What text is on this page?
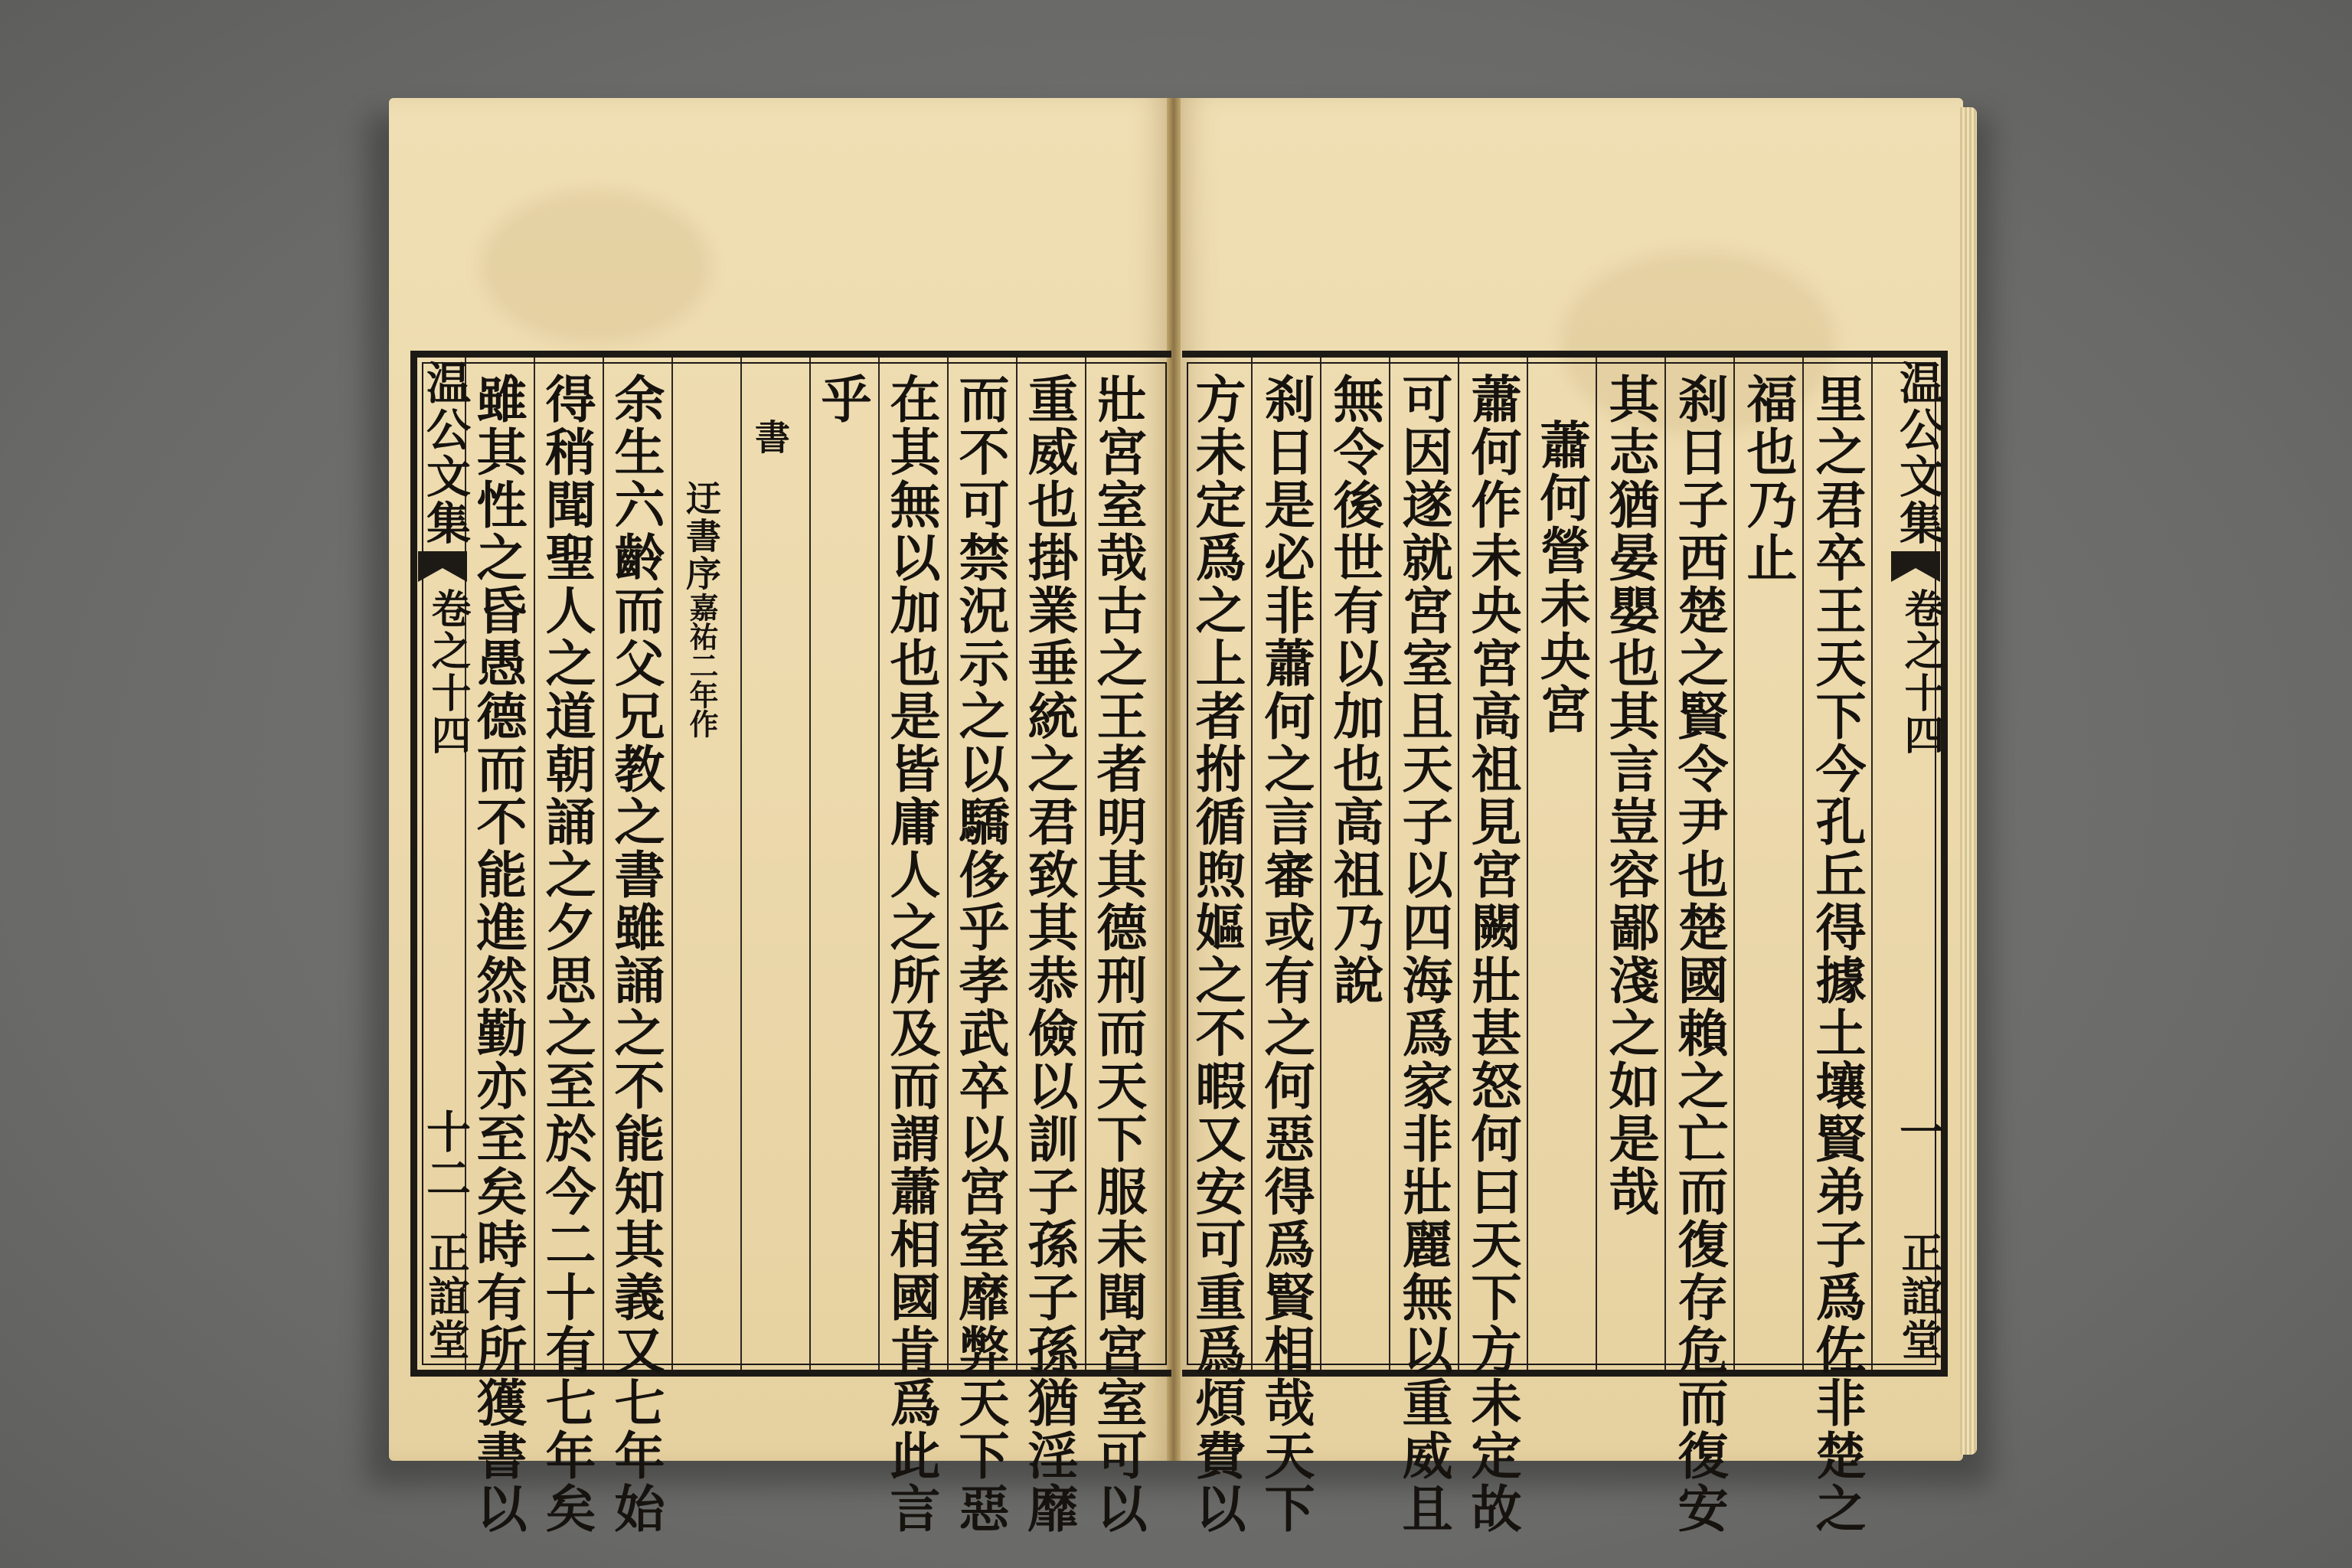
雖其性之昏愚德而不能進然勤亦至矣時有所獲書以 得稍聞聖人之道朝誦之夕思之至於今二十有七年矣 余生六齡而父兄教之書雖誦之不能知其義又七年始 迂書序嘉祐二年作
書
乎 在其無以加也是皆庸人之所及而謂蕭相國肯爲此言 而不可禁況示之以驕侈乎孝武卒以宮室靡弊天下惡 重威也掛業垂統之君致其恭儉以訓子孫子孫猶淫靡 壯宮室哉古之王者明其德刑而天下服未聞宮室可以
温公文集
卷之十四
十二
正誼堂	方未定爲之上者拊循煦嫗之不暇又安可重爲煩費以 刹日是必非蕭何之言審或有之何惡得爲賢相哉天下 無令後世有以加也高祖乃說 可因遂就宮室且天子以四海爲家非壯麗無以重威且 蕭何作未央宮高祖見宮闕壯甚怒何曰天下方未定故 蕭何營未央宮 其志猶晏嬰也其言豈容鄙淺之如是哉 刹日子西楚之賢令尹也楚國賴之亡而復存危而復安 福也乃止 里之君卒王天下今孔丘得據土壤賢弟子爲佐非楚之 温公文集
卷之十四
一
正誼堂
